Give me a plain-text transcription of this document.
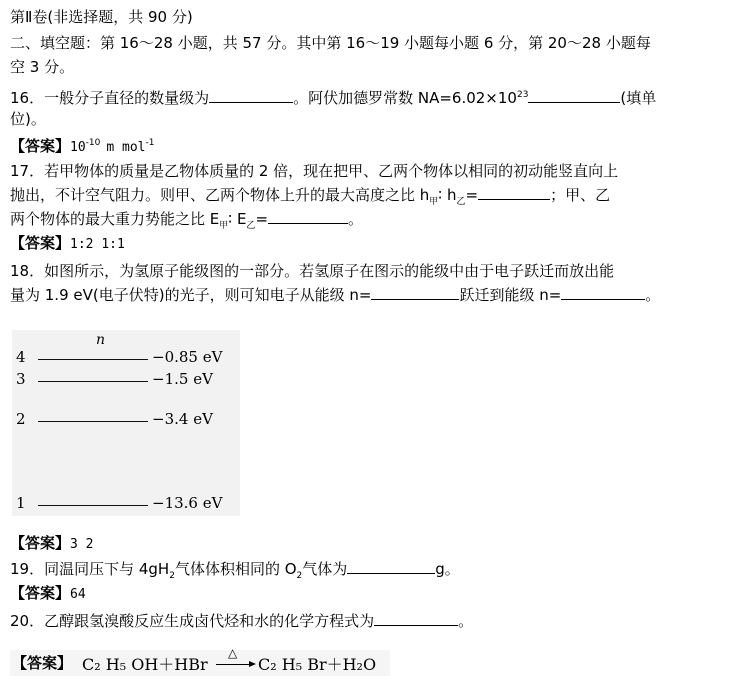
第Ⅱ卷(非选择题，共 90 分)
二、填空题：第 16～28 小题，共 57 分。其中第 16～19 小题每小题 6 分，第 20～28 小题每
空 3 分。
16．一般分子直径的数量级为	。阿伏加德罗常数 $NA=6.02\times 10^{23}$	(填单
位)。
【答案】$10^{-10}$ m mol$^{-1}$
17．若甲物体的质量是乙物体质量的 2 倍，现在把甲、乙两个物体以相同的初动能竖直向上
抛出，不计空气阻力。则甲、乙两个物体上升的最大高度之比 $h_甲∶$ $h_乙=$	；甲、乙
两个物体的最大重力势能之比 $E_甲∶$ $E_乙=$	。
【答案】1:2 1:1
18．如图所示，为氢原子能级图的一部分。若氢原子在图示的能级中由于电子跃迁而放出能
量为 1.9 eV(电子伏特)的光子，则可知电子从能级 n=	跃迁到能级 n=	。
n
4	−0.85 eV
3	−1.5 eV
2	−3.4 eV
1	−13.6 eV
【答案】3 2
19．同温同压下与 $4gH_2$气体体积相同的 $O_2$气体为	g。
【答案】64
20．乙醇跟氢溴酸反应生成卤代烃和水的化学方程式为	。
【答案】 C₂ H₅ OH＋HBr
△
→ C₂ H₅ Br＋H₂O
